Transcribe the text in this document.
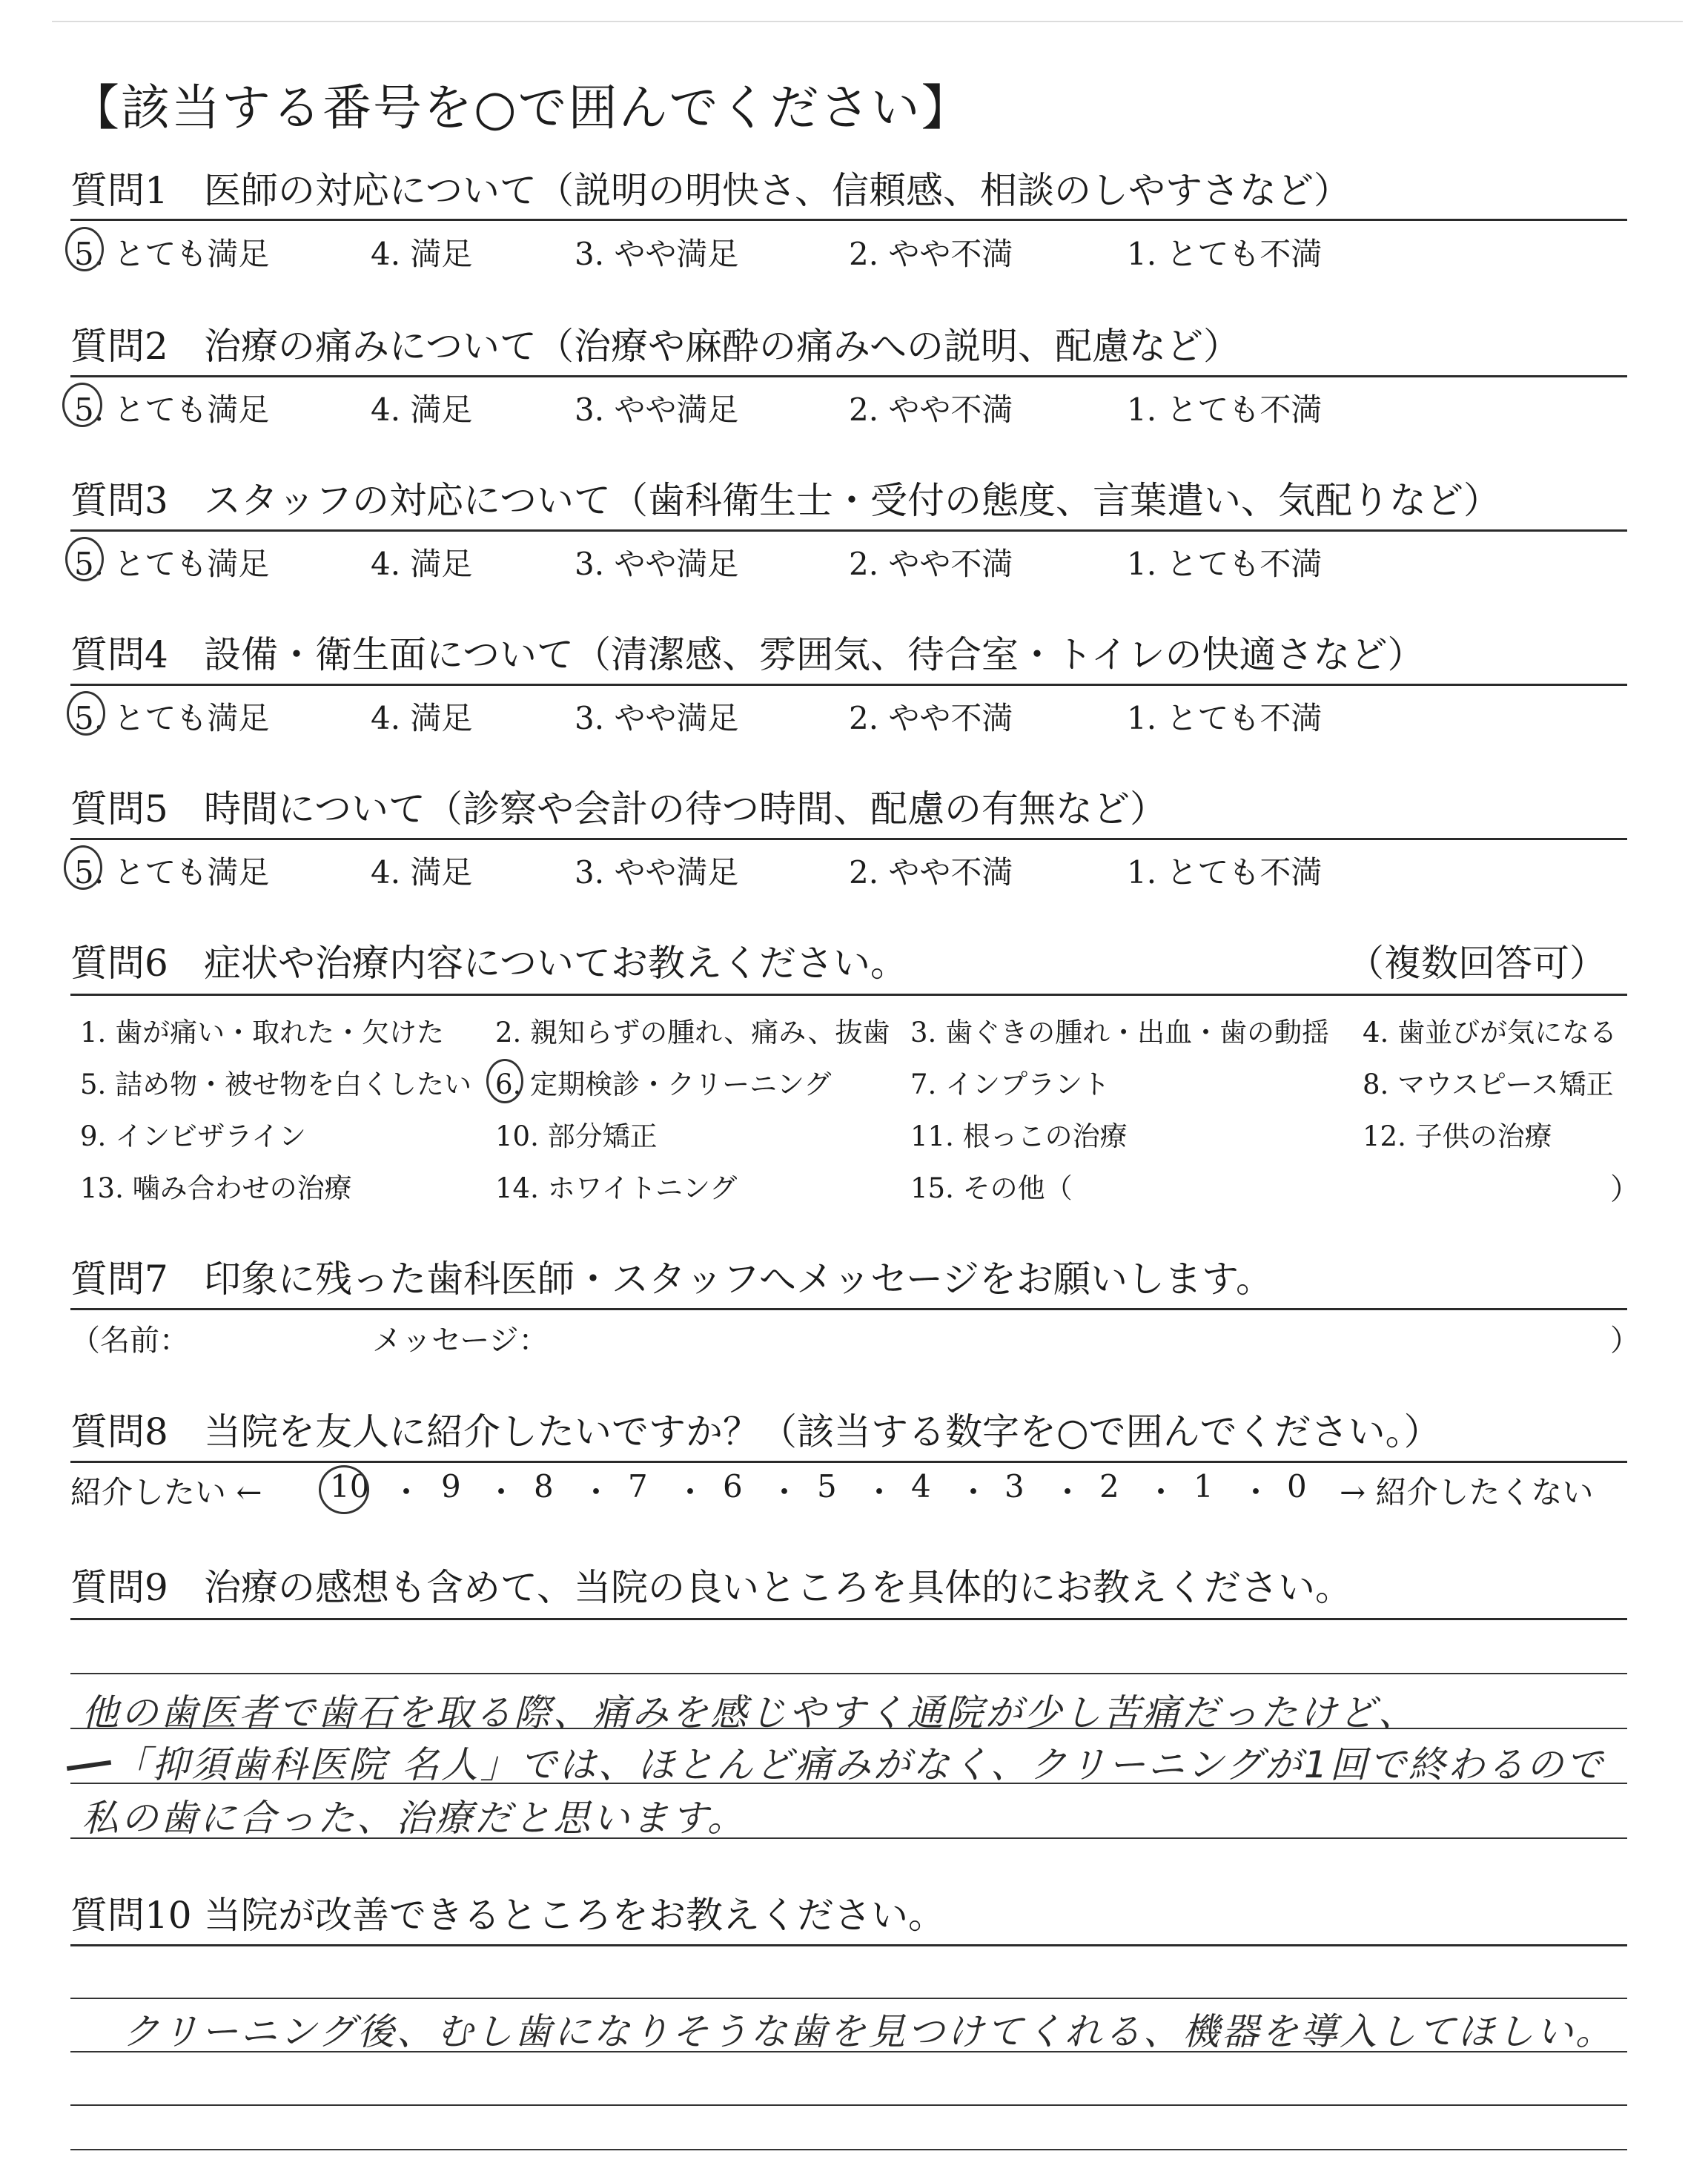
【該当する番号を○で囲んでください】
質問1 医師の対応について（説明の明快さ、信頼感、相談のしやすさなど）
5. とても満足	4. 満足	3. やや満足	2. やや不満	1. とても不満
質問2 治療の痛みについて（治療や麻酔の痛みへの説明、配慮など）
5. とても満足	4. 満足	3. やや満足	2. やや不満	1. とても不満
質問3 スタッフの対応について（歯科衛生士・受付の態度、言葉遣い、気配りなど）
5. とても満足	4. 満足	3. やや満足	2. やや不満	1. とても不満
質問4 設備・衛生面について（清潔感、雰囲気、待合室・トイレの快適さなど）
5. とても満足	4. 満足	3. やや満足	2. やや不満	1. とても不満
質問5 時間について（診察や会計の待つ時間、配慮の有無など）
5. とても満足	4. 満足	3. やや満足	2. やや不満	1. とても不満
質問6 症状や治療内容についてお教えください。	（複数回答可）
1. 歯が痛い・取れた・欠けた 2. 親知らずの腫れ、痛み、抜歯 3. 歯ぐきの腫れ・出血・歯の動揺 4. 歯並びが気になる
5. 詰め物・被せ物を白くしたい 6. 定期検診・クリーニング	7. インプラント	8. マウスピース矯正
9. インビザライン	10. 部分矯正	11. 根っこの治療	12. 子供の治療
13. 噛み合わせの治療	14. ホワイトニング	15. その他（	）
質問7 印象に残った歯科医師・スタッフへメッセージをお願いします。
（名前：	メッセージ：	）
質問8 当院を友人に紹介したいですか？（該当する数字を○で囲んでください。）
紹介したい ← 10 ・ 9 ・ 8 ・ 7 ・ 6 ・ 5 ・ 4 ・ 3 ・ 2 ・ 1 ・ 0 → 紹介したくない
質問9 治療の感想も含めて、当院の良いところを具体的にお教えください。
他の歯医者で歯石を取る際、痛みを感じやすく通院が少し苦痛だったけど、
「抑須歯科医院 名人」では、ほとんど痛みがなく、クリーニングが1回で終わるので
私の歯に合った、治療だと思います。
質問10 当院が改善できるところをお教えください。
クリーニング後、むし歯になりそうな歯を見つけてくれる、機器を導入してほしい。
